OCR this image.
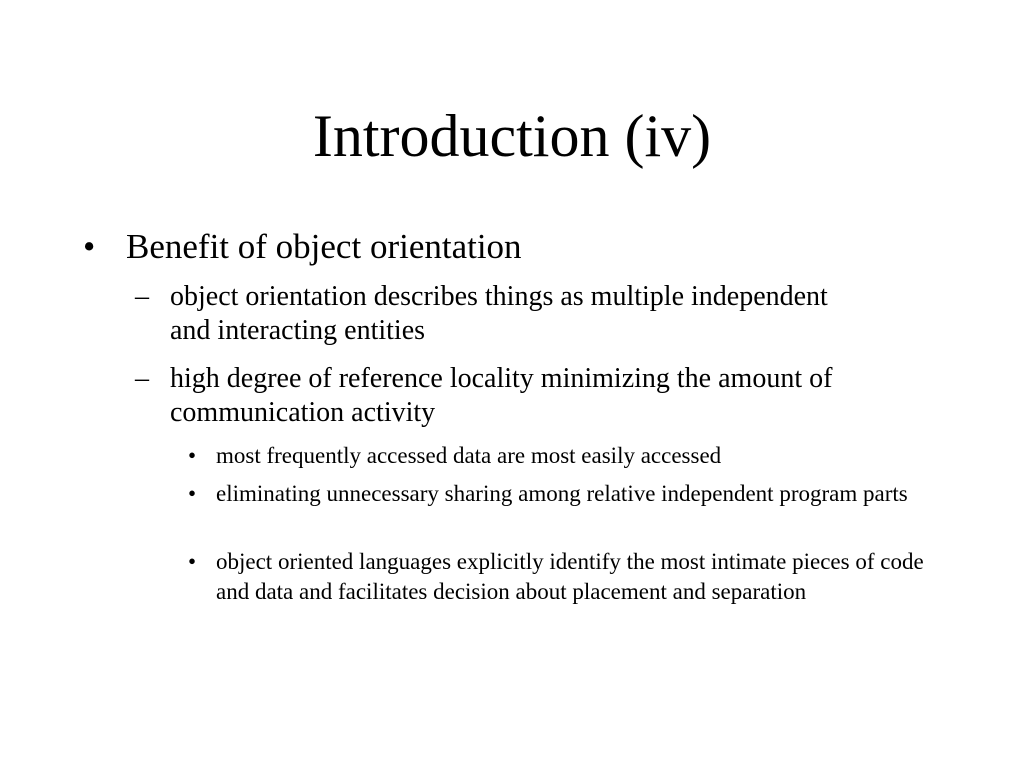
Introduction (iv)
• Benefit of object orientation
– object orientation describes things as multiple independent and interacting entities
– high degree of reference locality minimizing the amount of communication activity
• most frequently accessed data are most easily accessed
• eliminating unnecessary sharing among relative independent program parts
• object oriented languages explicitly identify the most intimate pieces of code and data and facilitates decision about placement and separation
